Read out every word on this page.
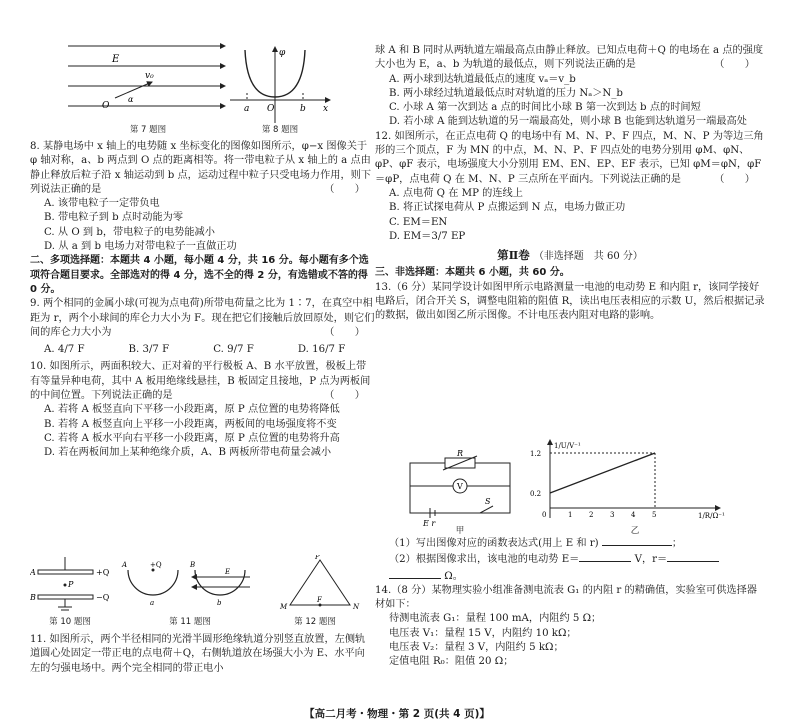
E
v₀
O
α
第 7 题图
φ
a O	b x
第 8 题图

8. 某静电场中 x 轴上的电势随 x 坐标变化的图像如图所示，φ−x 图像关于 φ 轴对称，a、b 两点到 O 点的距离相等。将一带电粒子从 x 轴上的 a 点由静止释放后粒子沿 x 轴运动到 b 点，运动过程中粒子只受电场力作用，则下列说法正确的是	（　　）

A. 该带电粒子一定带负电

B. 带电粒子到 b 点时动能为零

C. 从 O 到 b，带电粒子的电势能减小

D. 从 a 到 b 电场力对带电粒子一直做正功

二、多项选择题：本题共 4 小题，每小题 4 分，共 16 分。每小题有多个选项符合题目要求。全部选对的得 4 分，选不全的得 2 分，有选错或不答的得 0 分。

9. 两个相同的金属小球(可视为点电荷)所带电荷量之比为 1∶7，在真空中相距为 r，两个小球间的库仑力大小为 F。现在把它们接触后放回原处，则它们间的库仑力大小为	（　　）

A. 4/7 F	B. 3/7 F	C. 9/7 F	D. 16/7 F

10. 如图所示，两面积较大、正对着的平行极板 A、B 水平放置，极板上带有等量异种电荷，其中 A 板用绝缘线悬挂，B 板固定且接地，P 点为两板间的中间位置。下列说法正确的是	（　　）

A. 若将 A 板竖直向下平移一小段距离，原 P 点位置的电势将降低

B. 若将 A 板竖直向上平移一小段距离，两板间的电场强度将不变

C. 若将 A 板水平向右平移一小段距离，原 P 点位置的电势将升高

D. 若在两板间加上某种绝缘介质，A、B 两板所带电荷量会减小

A
B
P
+Q
−Q
+Q
A	B
a	b
E
P
M
F
N
第 10 题图	第 11 题图	第 12 题图

11. 如图所示，两个半径相同的光滑半圆形绝缘轨道分别竖直放置，左侧轨道圆心处固定一带正电的点电荷＋Q，右侧轨道放在场强大小为 E、水平向左的匀强电场中。两个完全相同的带正电小

球 A 和 B 同时从两轨道左端最高点由静止释放。已知点电荷＋Q 的电场在 a 点的强度大小也为 E，a、b 为轨道的最低点，则下列说法正确的是	（　　）

A. 两小球到达轨道最低点的速度 vₐ＝v_b

B. 两小球经过轨道最低点时对轨道的压力 Nₐ＞N_b

C. 小球 A 第一次到达 a 点的时间比小球 B 第一次到达 b 点的时间短

D. 若小球 A 能到达轨道的另一端最高处，则小球 B 也能到达轨道另一端最高处

12. 如图所示，在正点电荷 Q 的电场中有 M、N、P、F 四点，M、N、P 为等边三角形的三个顶点，F 为 MN 的中点，M、N、P、F 四点处的电势分别用 φM、φN、φP、φF 表示，电场强度大小分别用 EM、EN、EP、EF 表示，已知 φM＝φN，φF＝φP，点电荷 Q 在 M、N、P 三点所在平面内。下列说法正确的是	（　　）

A. 点电荷 Q 在 MP 的连线上

B. 将正试探电荷从 P 点搬运到 N 点，电场力做正功

C. EM＝EN

D. EM＝3/7 EP

第Ⅱ卷 （非选择题　共 60 分）

三、非选择题：本题共 6 小题，共 60 分。

13.（6 分）某同学设计如图甲所示电路测量一电池的电动势 E 和内阻 r，该同学接好电路后，闭合开关 S，调整电阻箱的阻值 R，读出电压表相应的示数 U，然后根据记录的数据，做出如图乙所示图像。不计电压表内阻对电路的影响。

R
V
S
E r
1/U/V⁻¹
1/R/Ω⁻¹
1.2
0.2
0	1 2 3 4 5
甲	乙

（1）写出图像对应的函数表达式(用上 E 和 r)	；

（2）根据图像求出，该电池的电动势 E＝	V，r＝

Ω。

14.（8 分）某物理实验小组准备测电流表 G₁ 的内阻 r 的精确值，实验室可供选择器材如下：

待测电流表 G₁：量程 100 mA，内阻约 5 Ω；

电压表 V₁：量程 15 V，内阻约 10 kΩ；

电压表 V₂：量程 3 V，内阻约 5 kΩ；

定值电阻 R₀：阻值 20 Ω；

【高二月考・物理・第 2 页(共 4 页)】
